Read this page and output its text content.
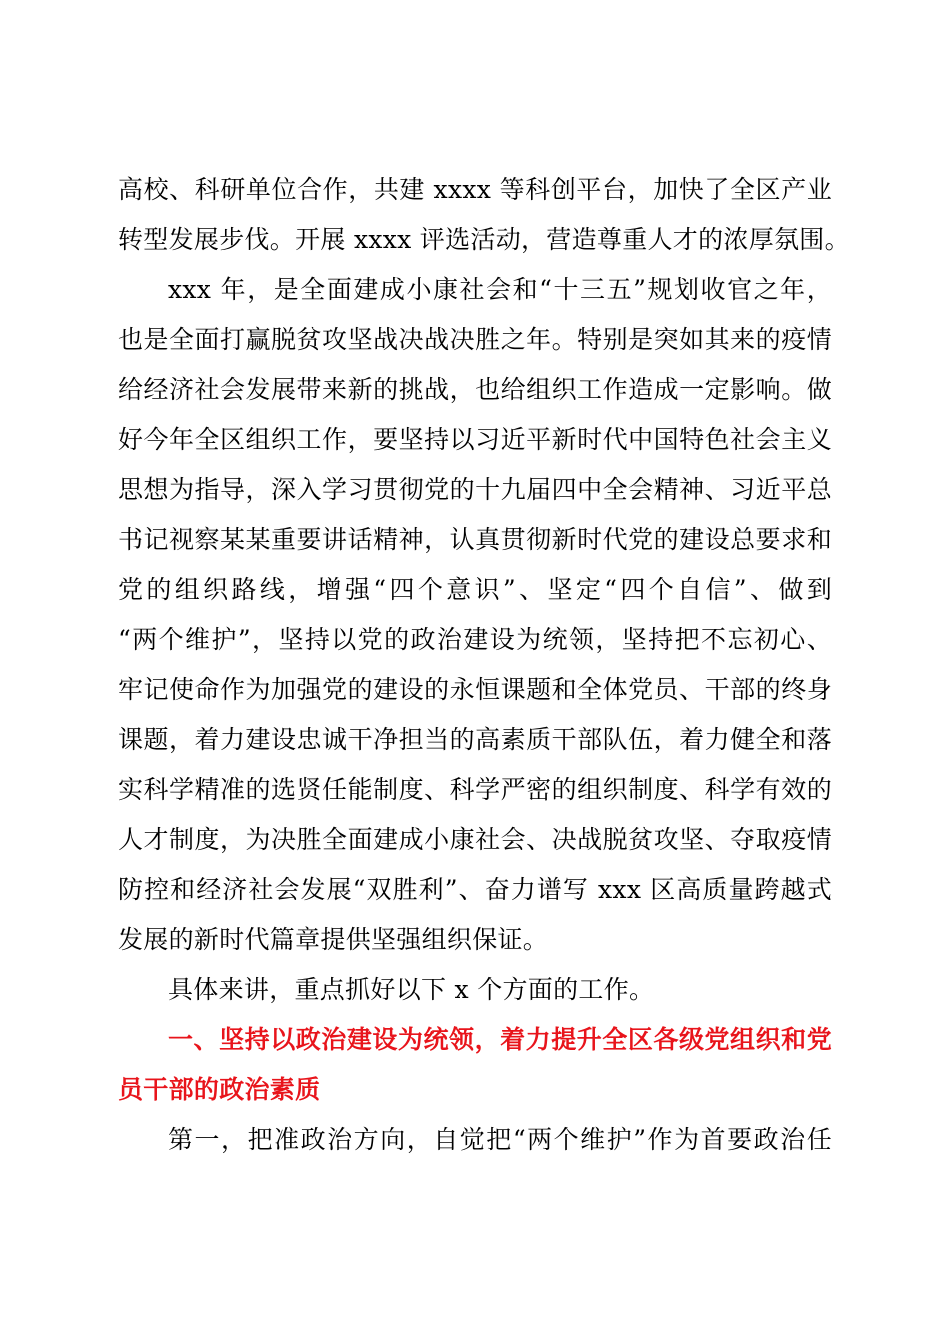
高校、科研单位合作，共建 xxxx 等科创平台，加快了全区产业
转型发展步伐。开展 xxxx 评选活动，营造尊重人才的浓厚氛围。
xxx 年，是全面建成小康社会和“十三五”规划收官之年，
也是全面打赢脱贫攻坚战决战决胜之年。特别是突如其来的疫情
给经济社会发展带来新的挑战，也给组织工作造成一定影响。做
好今年全区组织工作，要坚持以习近平新时代中国特色社会主义
思想为指导，深入学习贯彻党的十九届四中全会精神、习近平总
书记视察某某重要讲话精神，认真贯彻新时代党的建设总要求和
党的组织路线，增强“四个意识”、坚定“四个自信”、做到
“两个维护”，坚持以党的政治建设为统领，坚持把不忘初心、
牢记使命作为加强党的建设的永恒课题和全体党员、干部的终身
课题，着力建设忠诚干净担当的高素质干部队伍，着力健全和落
实科学精准的选贤任能制度、科学严密的组织制度、科学有效的
人才制度，为决胜全面建成小康社会、决战脱贫攻坚、夺取疫情
防控和经济社会发展“双胜利”、奋力谱写 xxx 区高质量跨越式
发展的新时代篇章提供坚强组织保证。
具体来讲，重点抓好以下 x 个方面的工作。
一、坚持以政治建设为统领，着力提升全区各级党组织和党
员干部的政治素质
第一，把准政治方向，自觉把“两个维护”作为首要政治任
